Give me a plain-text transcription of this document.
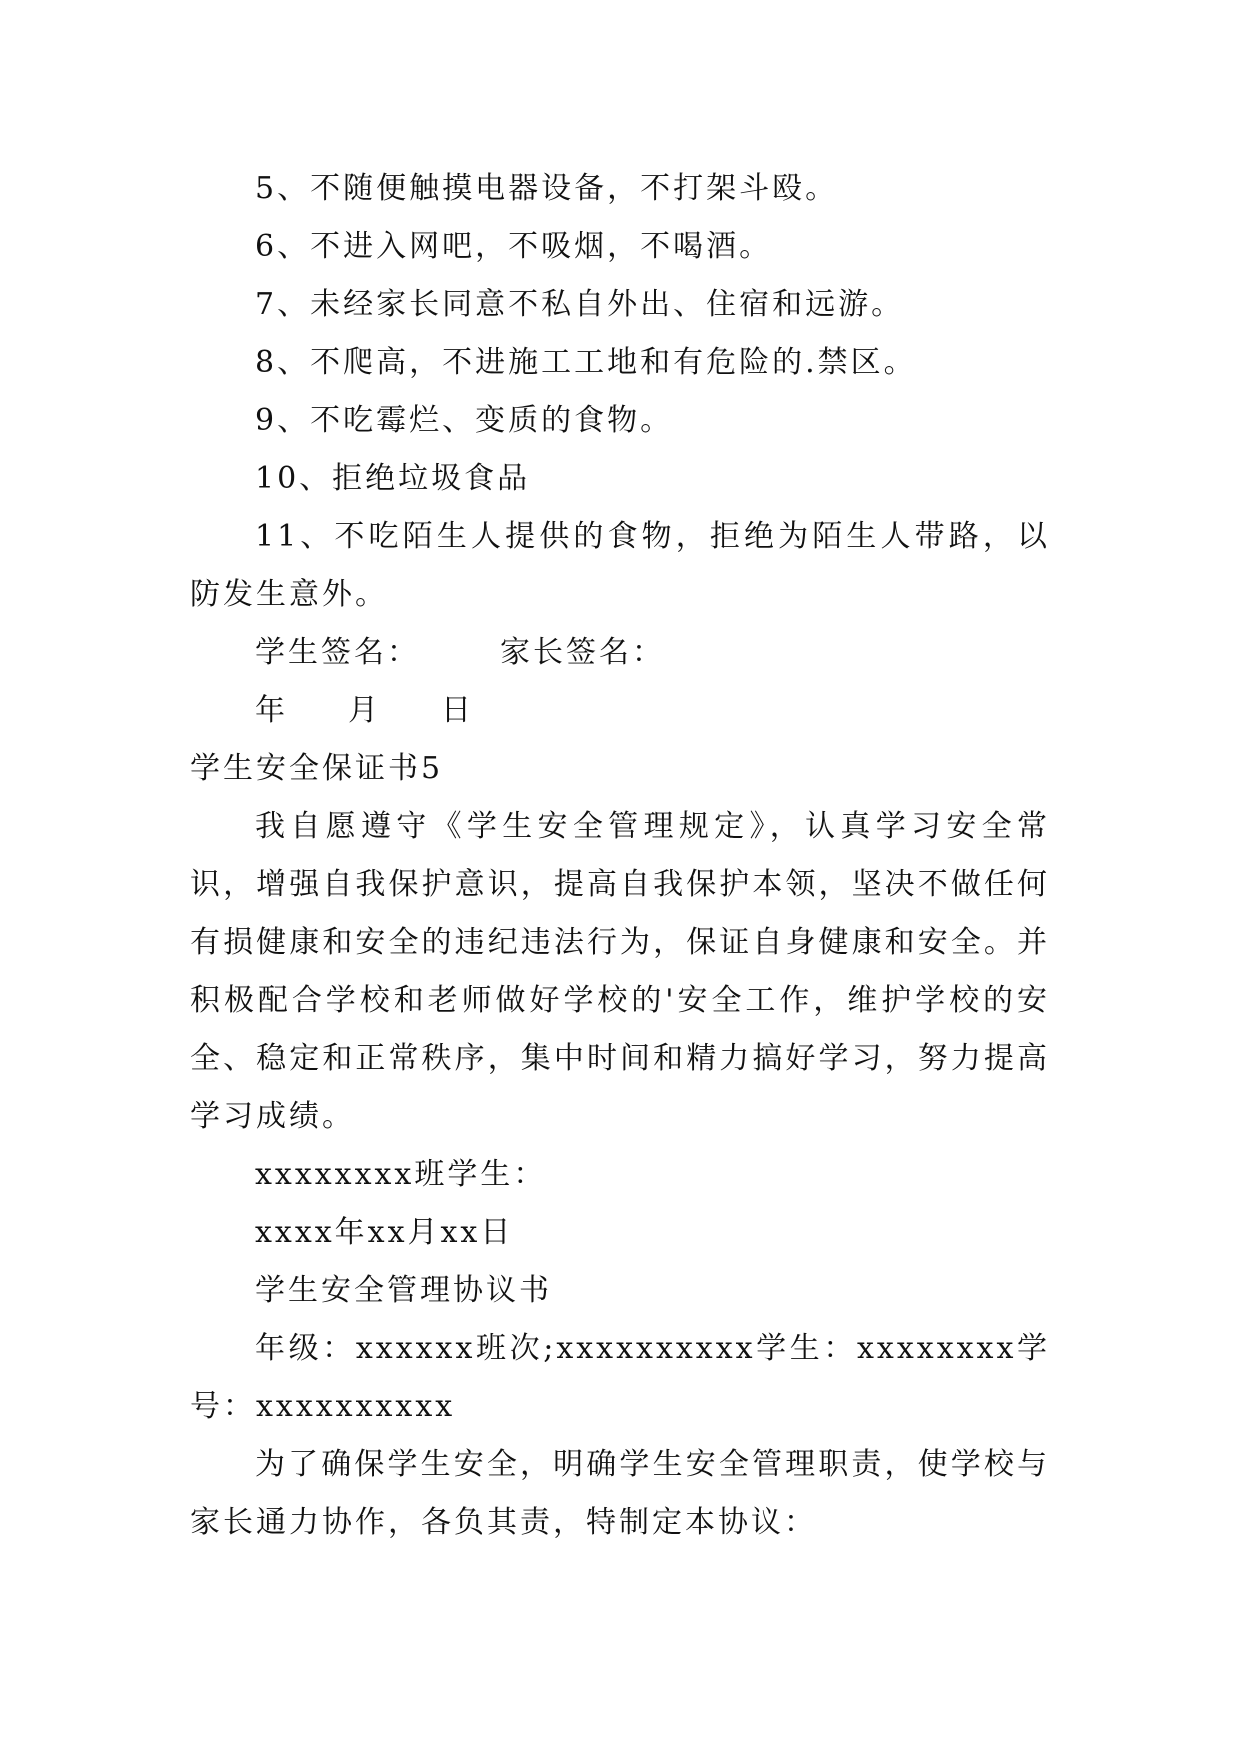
5、不随便触摸电器设备，不打架斗殴。
6、不进入网吧，不吸烟，不喝酒。
7、未经家长同意不私自外出、住宿和远游。
8、不爬高，不进施工工地和有危险的.禁区。
9、不吃霉烂、变质的食物。
10、拒绝垃圾食品
11、不吃陌生人提供的食物，拒绝为陌生人带路，以防发生意外。
学生签名：	家长签名：
年 月 日
学生安全保证书5
我自愿遵守《学生安全管理规定》，认真学习安全常识，增强自我保护意识，提高自我保护本领，坚决不做任何有损健康和安全的违纪违法行为，保证自身健康和安全。并积极配合学校和老师做好学校的'安全工作，维护学校的安全、稳定和正常秩序，集中时间和精力搞好学习，努力提高学习成绩。
xxxxxxxx班学生：
xxxx年xx月xx日
学生安全管理协议书
年级：xxxxxx班次;xxxxxxxxxx学生：xxxxxxxx学号：xxxxxxxxxx
为了确保学生安全，明确学生安全管理职责，使学校与家长通力协作，各负其责，特制定本协议：
